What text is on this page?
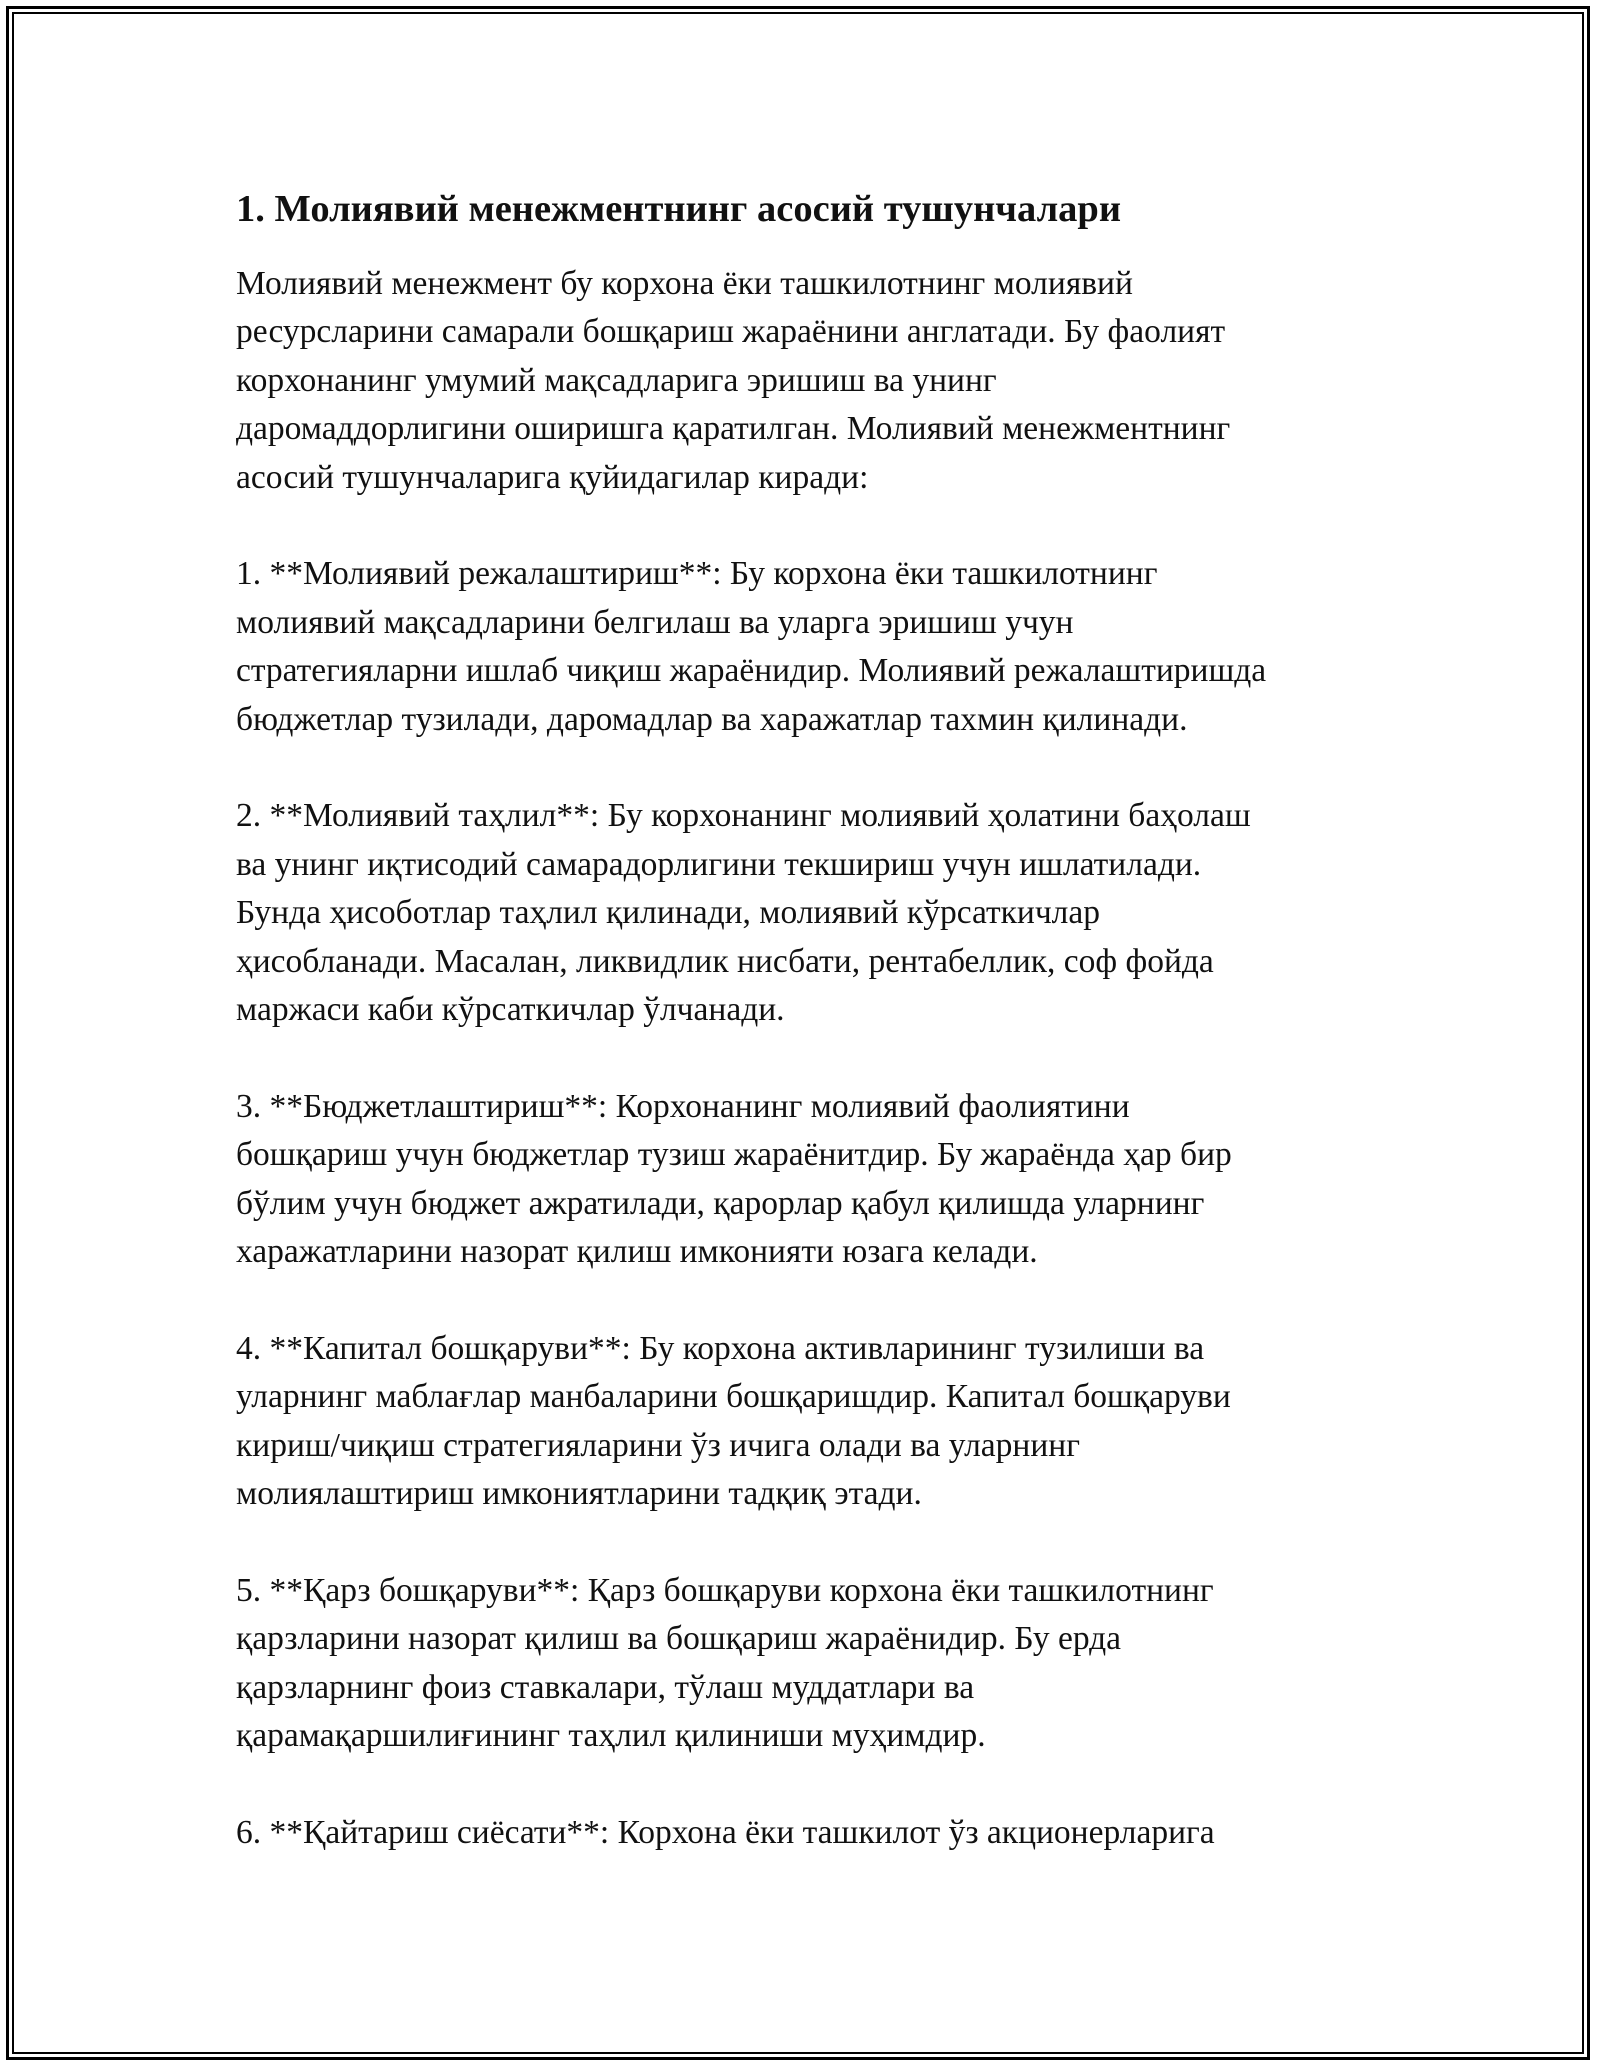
1. Молиявий менежментнинг асосий тушунчалари
Молиявий менежмент бу корхона ёки ташкилотнинг молиявий
ресурсларини самарали бошқариш жараёнини англатади. Бу фаолият
корхонанинг умумий мақсадларига эришиш ва унинг
даромаддорлигини оширишга қаратилган. Молиявий менежментнинг
асосий тушунчаларига қуйидагилар киради:
1. **Молиявий режалаштириш**: Бу корхона ёки ташкилотнинг
молиявий мақсадларини белгилаш ва уларга эришиш учун
стратегияларни ишлаб чиқиш жараёнидир. Молиявий режалаштиришда
бюджетлар тузилади, даромадлар ва харажатлар тахмин қилинади.
2. **Молиявий таҳлил**: Бу корхонанинг молиявий ҳолатини баҳолаш
ва унинг иқтисодий самарадорлигини текшириш учун ишлатилади.
Бунда ҳисоботлар таҳлил қилинади, молиявий кўрсаткичлар
ҳисобланади. Масалан, ликвидлик нисбати, рентабеллик, соф фойда
маржаси каби кўрсаткичлар ўлчанади.
3. **Бюджетлаштириш**: Корхонанинг молиявий фаолиятини
бошқариш учун бюджетлар тузиш жараёнитдир. Бу жараёнда ҳар бир
бўлим учун бюджет ажратилади, қарорлар қабул қилишда уларнинг
харажатларини назорат қилиш имконияти юзага келади.
4. **Капитал бошқаруви**: Бу корхона активларининг тузилиши ва
уларнинг маблағлар манбаларини бошқаришдир. Капитал бошқаруви
кириш/чиқиш стратегияларини ўз ичига олади ва уларнинг
молиялаштириш имкониятларини тадқиқ этади.
5. **Қарз бошқаруви**: Қарз бошқаруви корхона ёки ташкилотнинг
қарзларини назорат қилиш ва бошқариш жараёнидир. Бу ерда
қарзларнинг фоиз ставкалари, тўлаш муддатлари ва
қарамақаршилиғининг таҳлил қилиниши муҳимдир.
6. **Қайтариш сиёсати**: Корхона ёки ташкилот ўз акционерларига
